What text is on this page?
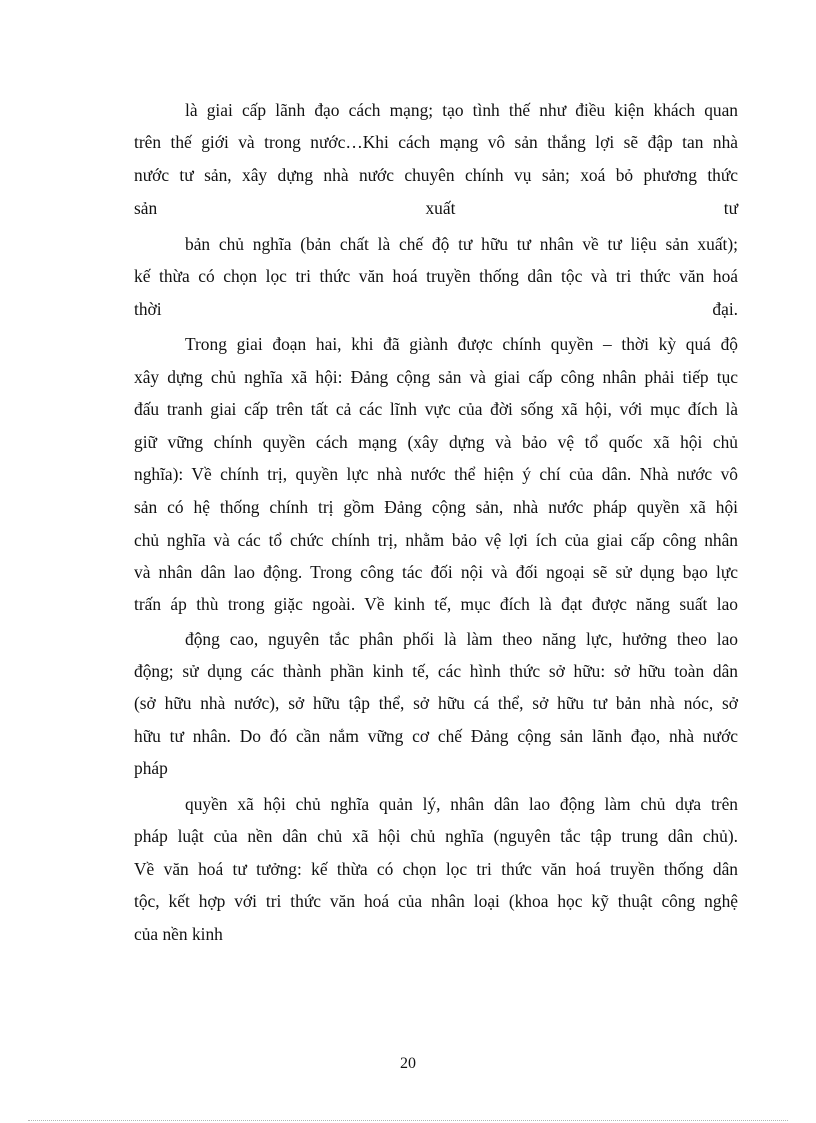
là giai cấp lãnh đạo cách mạng; tạo tình thế như điều kiện khách quan
trên thế giới và trong nước…Khi cách mạng vô sản thắng lợi sẽ đập tan nhà
nước tư sản, xây dựng nhà nước chuyên chính vụ sản; xoá bỏ phương thức
sản xuất tư
bản chủ nghĩa (bản chất là chế độ tư hữu tư nhân về tư liệu sản xuất);
kế thừa có chọn lọc tri thức văn hoá truyền thống dân tộc và tri thức văn hoá
thời đại.
Trong giai đoạn hai, khi đã giành được chính quyền – thời kỳ quá độ
xây dựng chủ nghĩa xã hội: Đảng cộng sản và giai cấp công nhân phải tiếp tục
đấu tranh giai cấp trên tất cả các lĩnh vực của đời sống xã hội, với mục đích là
giữ vững chính quyền cách mạng (xây dựng và bảo vệ tổ quốc xã hội chủ
nghĩa): Về chính trị, quyền lực nhà nước thể hiện ý chí của dân. Nhà nước vô
sản có hệ thống chính trị gồm Đảng cộng sản, nhà nước pháp quyền xã hội
chủ nghĩa và các tổ chức chính trị, nhằm bảo vệ lợi ích của giai cấp công nhân
và nhân dân lao động. Trong công tác đối nội và đối ngoại sẽ sử dụng bạo lực
trấn áp thù trong giặc ngoài. Về kinh tế, mục đích là đạt được năng suất lao
động cao, nguyên tắc phân phối là làm theo năng lực, hưởng theo lao
động; sử dụng các thành phần kinh tế, các hình thức sở hữu: sở hữu toàn dân
(sở hữu nhà nước), sở hữu tập thể, sở hữu cá thể, sở hữu tư bản nhà nóc, sở
hữu tư nhân. Do đó cần nắm vững cơ chế Đảng cộng sản lãnh đạo, nhà nước
pháp
quyền xã hội chủ nghĩa quản lý, nhân dân lao động làm chủ dựa trên
pháp luật của nền dân chủ xã hội chủ nghĩa (nguyên tắc tập trung dân chủ).
Về văn hoá tư tưởng: kế thừa có chọn lọc tri thức văn hoá truyền thống dân
tộc, kết hợp với tri thức văn hoá của nhân loại (khoa học kỹ thuật công nghệ
của nền kinh
20
